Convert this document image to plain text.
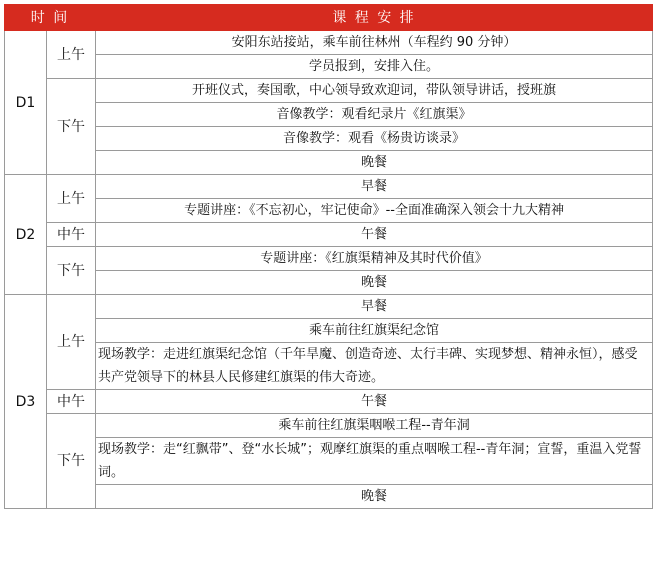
时 间		课 程 安 排
D1	上午	安阳东站接站，乘车前往林州（车程约 90 分钟）
		学员报到，安排入住。
	下午	开班仪式，奏国歌，中心领导致欢迎词，带队领导讲话，授班旗
		音像教学：观看纪录片《红旗渠》
		音像教学：观看《杨贵访谈录》
		晚餐
D2	上午	早餐
		专题讲座：《不忘初心，牢记使命》--全面准确深入领会十九大精神
	中午	午餐
	下午	专题讲座：《红旗渠精神及其时代价值》
		晚餐
D3	上午	早餐
		乘车前往红旗渠纪念馆
		现场教学：走进红旗渠纪念馆（千年旱魔、创造奇迹、太行丰碑、实现梦想、精神永恒），感受共产党领导下的林县人民修建红旗渠的伟大奇迹。
	中午	午餐
	下午	乘车前往红旗渠咽喉工程--青年洞
		现场教学：走“红飘带”、登“水长城”；观摩红旗渠的重点咽喉工程--青年洞；宣誓，重温入党誓词。
		晚餐
